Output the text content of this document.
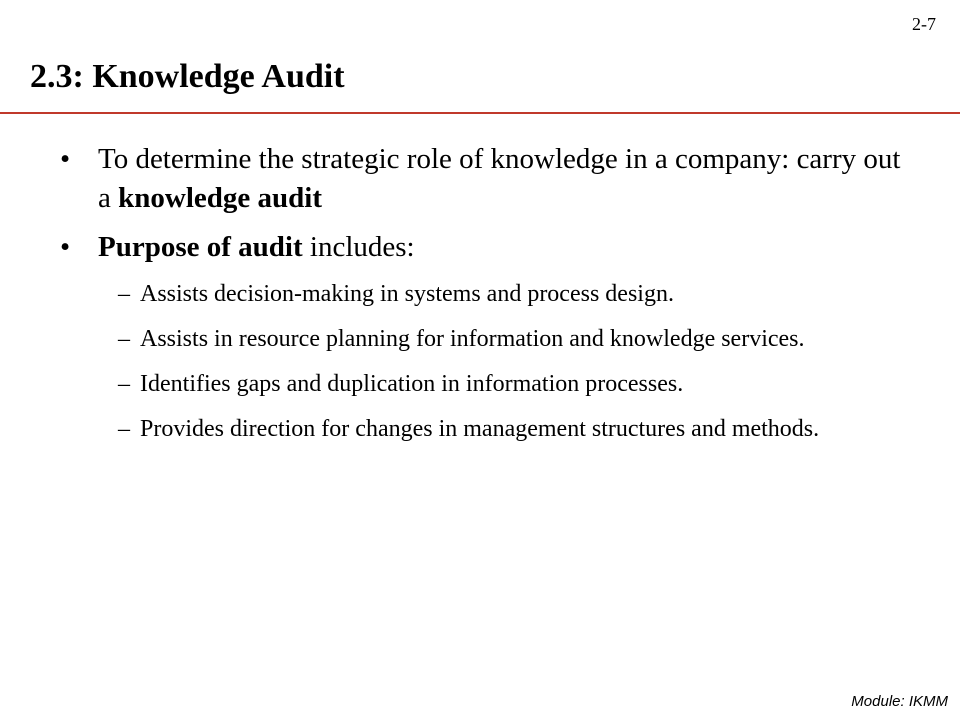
2-7
2.3: Knowledge Audit
• To determine the strategic role of knowledge in a company: carry out a knowledge audit
• Purpose of audit includes:
– Assists decision-making in systems and process design.
– Assists in resource planning for information and knowledge services.
– Identifies gaps and duplication in information processes.
– Provides direction for changes in management structures and methods.
Module: IKMM
